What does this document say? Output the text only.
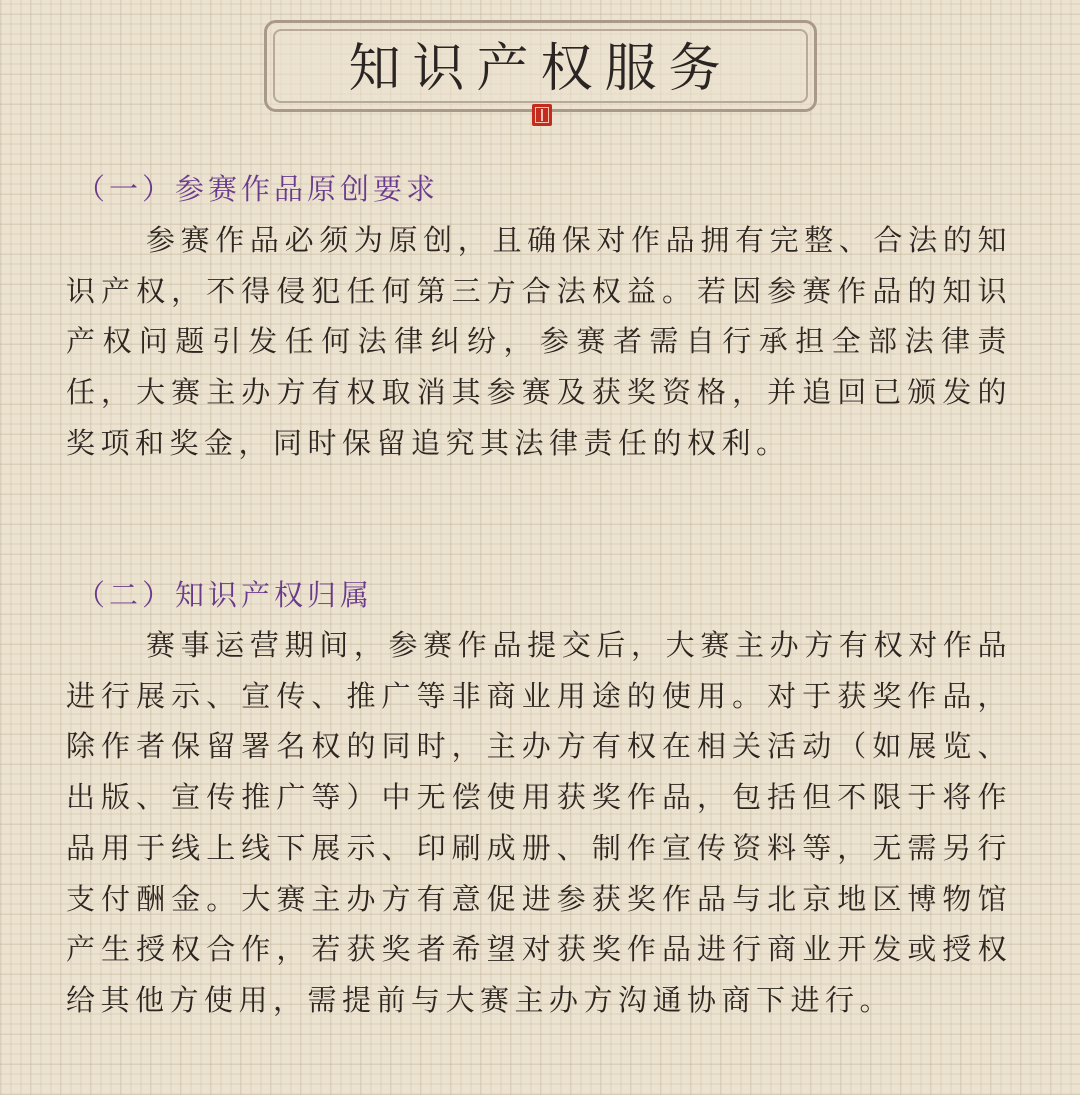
知识产权服务
（一）参赛作品原创要求

参赛作品必须为原创，且确保对作品拥有完整、合法的知识产权，不得侵犯任何第三方合法权益。若因参赛作品的知识产权问题引发任何法律纠纷，参赛者需自行承担全部法律责任，大赛主办方有权取消其参赛及获奖资格，并追回已颁发的奖项和奖金，同时保留追究其法律责任的权利。

（二）知识产权归属

赛事运营期间，参赛作品提交后，大赛主办方有权对作品进行展示、宣传、推广等非商业用途的使用。对于获奖作品，除作者保留署名权的同时，主办方有权在相关活动（如展览、出版、宣传推广等）中无偿使用获奖作品，包括但不限于将作品用于线上线下展示、印刷成册、制作宣传资料等，无需另行支付酬金。大赛主办方有意促进参获奖作品与北京地区博物馆产生授权合作，若获奖者希望对获奖作品进行商业开发或授权给其他方使用，需提前与大赛主办方沟通协商下进行。
